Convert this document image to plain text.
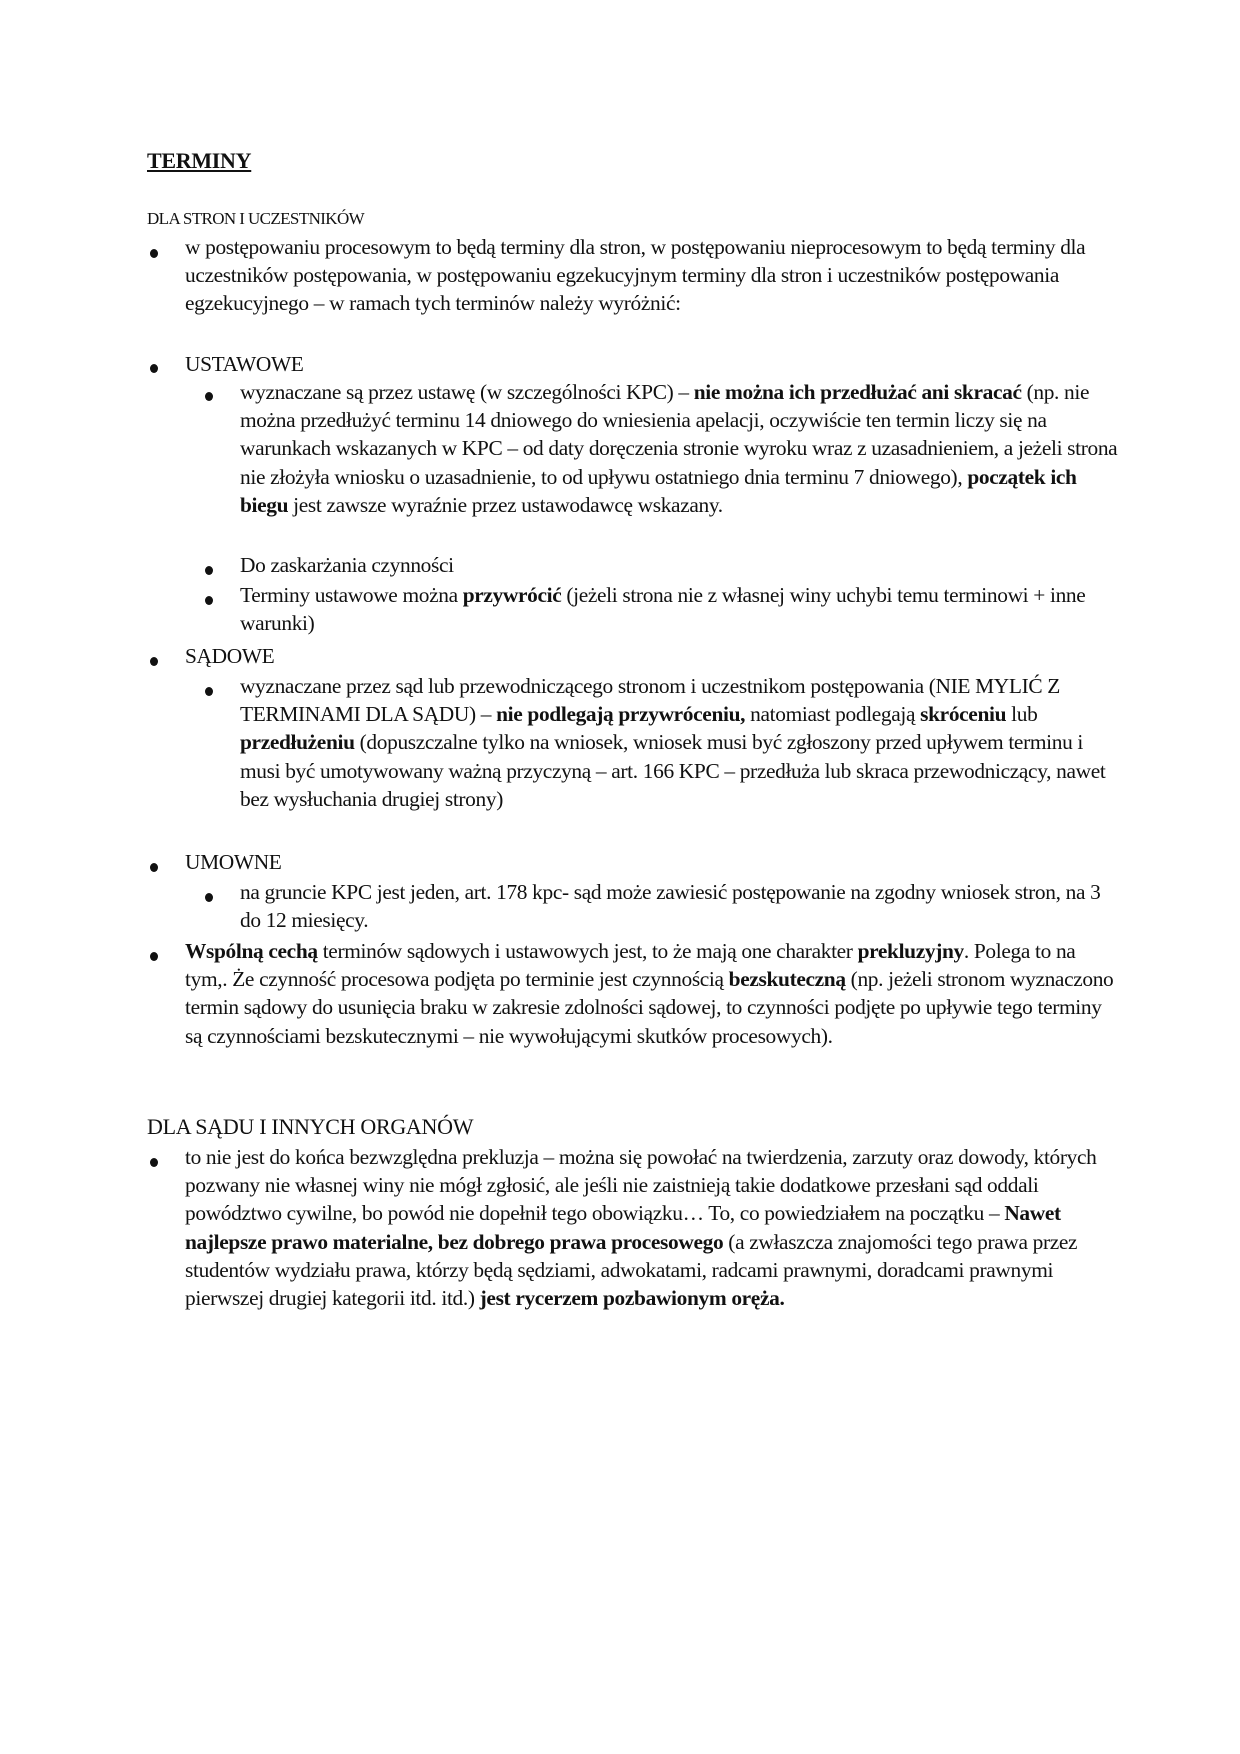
TERMINY
DLA STRON I UCZESTNIKÓW
w postępowaniu procesowym to będą terminy dla stron, w postępowaniu nieprocesowym to będą terminy dla uczestników postępowania, w postępowaniu egzekucyjnym terminy dla stron i uczestników postępowania egzekucyjnego – w ramach tych terminów należy wyróżnić:
USTAWOWE
wyznaczane są przez ustawę (w szczególności KPC) – nie można ich przedłużać ani skracać (np. nie można przedłużyć terminu 14 dniowego do wniesienia apelacji, oczywiście ten termin liczy się na warunkach wskazanych w KPC – od daty doręczenia stronie wyroku wraz z uzasadnieniem, a jeżeli strona nie złożyła wniosku o uzasadnienie, to od upływu ostatniego dnia terminu 7 dniowego), początek ich biegu jest zawsze wyraźnie przez ustawodawcę wskazany.
Do zaskarżania czynności
Terminy ustawowe można przywrócić (jeżeli strona nie z własnej winy uchybi temu terminowi + inne warunki)
SĄDOWE
wyznaczane przez sąd lub przewodniczącego stronom i uczestnikom postępowania (NIE MYLIĆ Z TERMINAMI DLA SĄDU) – nie podlegają przywróceniu, natomiast podlegają skróceniu lub przedłużeniu (dopuszczalne tylko na wniosek, wniosek musi być zgłoszony przed upływem terminu i musi być umotywowany ważną przyczyną – art. 166 KPC – przedłuża lub skraca przewodniczący, nawet bez wysłuchania drugiej strony)
UMOWNE
na gruncie KPC jest jeden, art. 178 kpc- sąd może zawiesić postępowanie na zgodny wniosek stron, na 3 do 12 miesięcy.
Wspólną cechą terminów sądowych i ustawowych jest, to że mają one charakter prekluzyjny. Polega to na tym,. Że czynność procesowa podjęta po terminie jest czynnością bezskuteczną (np. jeżeli stronom wyznaczono termin sądowy do usunięcia braku w zakresie zdolności sądowej, to czynności podjęte po upływie tego terminy są czynnościami bezskutecznymi – nie wywołującymi skutków procesowych).
DLA SĄDU I INNYCH ORGANÓW
to nie jest do końca bezwzględna prekluzja – można się powołać na twierdzenia, zarzuty oraz dowody, których pozwany nie własnej winy nie mógł zgłosić, ale jeśli nie zaistnieją takie dodatkowe przesłani sąd oddali powództwo cywilne, bo powód nie dopełnił tego obowiązku… To, co powiedziałem na początku – Nawet najlepsze prawo materialne, bez dobrego prawa procesowego (a zwłaszcza znajomości tego prawa przez studentów wydziału prawa, którzy będą sędziami, adwokatami, radcami prawnymi, doradcami prawnymi pierwszej drugiej kategorii itd. itd.) jest rycerzem pozbawionym oręża.
